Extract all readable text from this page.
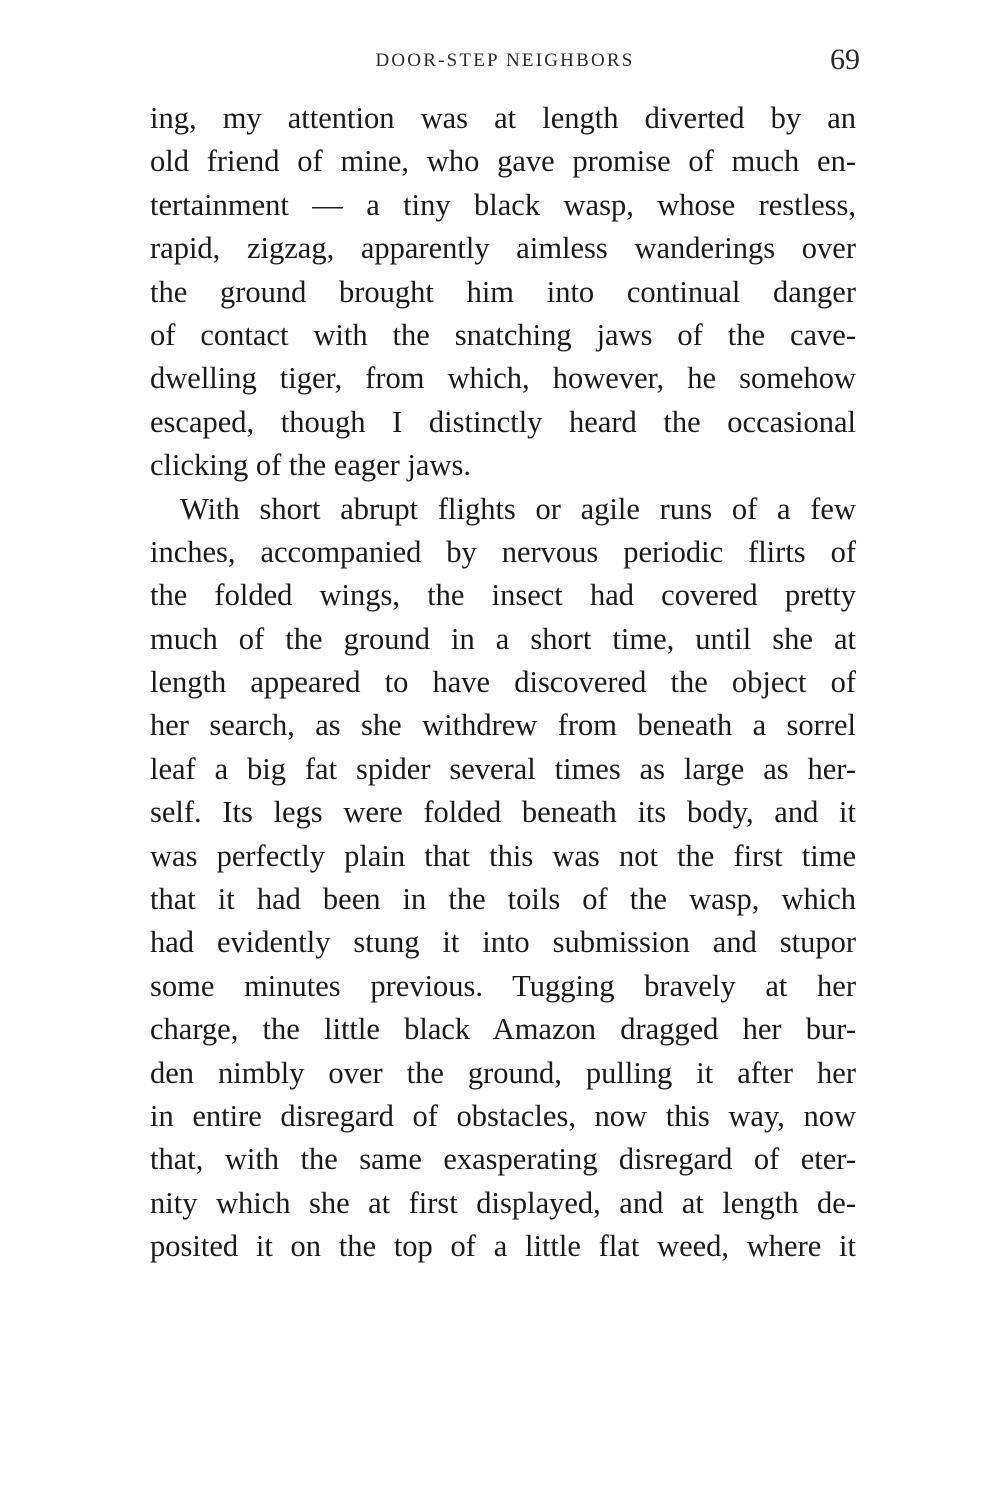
DOOR-STEP NEIGHBORS	69
ing, my attention was at length diverted by an
old friend of mine, who gave promise of much en-
tertainment — a tiny black wasp, whose restless,
rapid, zigzag, apparently aimless wanderings over
the ground brought him into continual danger
of contact with the snatching jaws of the cave-
dwelling tiger, from which, however, he somehow
escaped, though I distinctly heard the occasional
clicking of the eager jaws.
With short abrupt flights or agile runs of a few
inches, accompanied by nervous periodic flirts of
the folded wings, the insect had covered pretty
much of the ground in a short time, until she at
length appeared to have discovered the object of
her search, as she withdrew from beneath a sorrel
leaf a big fat spider several times as large as her-
self. Its legs were folded beneath its body, and it
was perfectly plain that this was not the first time
that it had been in the toils of the wasp, which
had evidently stung it into submission and stupor
some minutes previous. Tugging bravely at her
charge, the little black Amazon dragged her bur-
den nimbly over the ground, pulling it after her
in entire disregard of obstacles, now this way, now
that, with the same exasperating disregard of eter-
nity which she at first displayed, and at length de-
posited it on the top of a little flat weed, where it
